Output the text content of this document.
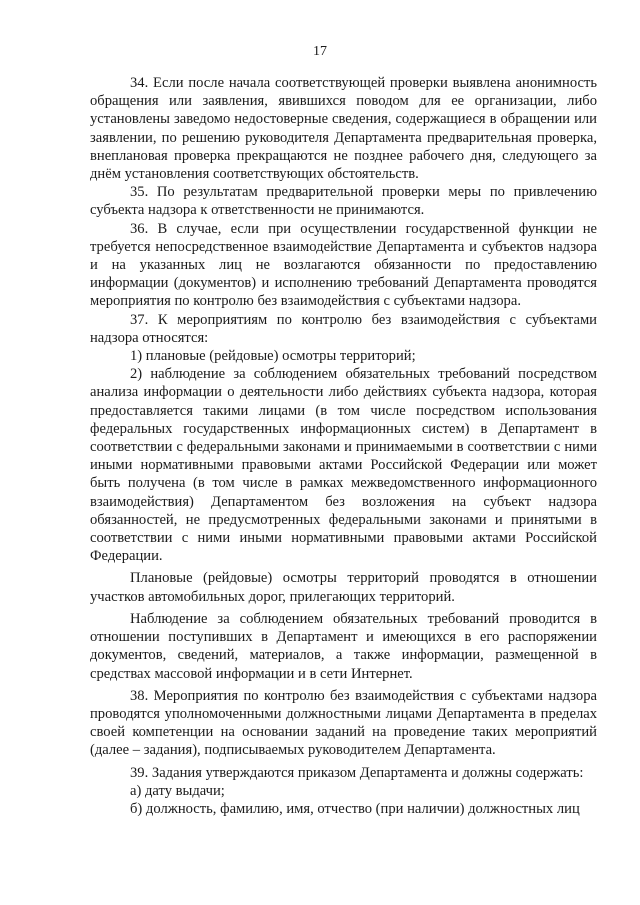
17

34. Если после начала соответствующей проверки выявлена анонимность обращения или заявления, явившихся поводом для ее организации, либо установлены заведомо недостоверные сведения, содержащиеся в обращении или заявлении, по решению руководителя Департамента предварительная проверка, внеплановая проверка прекращаются не позднее рабочего дня, следующего за днём установления соответствующих обстоятельств.

35. По результатам предварительной проверки меры по привлечению субъекта надзора к ответственности не принимаются.

36. В случае, если при осуществлении государственной функции не требуется непосредственное взаимодействие Департамента и субъектов надзора и на указанных лиц не возлагаются обязанности по предоставлению информации (документов) и исполнению требований Департамента проводятся мероприятия по контролю без взаимодействия с субъектами надзора.

37. К мероприятиям по контролю без взаимодействия с субъектами надзора относятся:

1) плановые (рейдовые) осмотры территорий;

2) наблюдение за соблюдением обязательных требований посредством анализа информации о деятельности либо действиях субъекта надзора, которая предоставляется такими лицами (в том числе посредством использования федеральных государственных информационных систем) в Департамент в соответствии с федеральными законами и принимаемыми в соответствии с ними иными нормативными правовыми актами Российской Федерации или может быть получена (в том числе в рамках межведомственного информационного взаимодействия) Департаментом без возложения на субъект надзора обязанностей, не предусмотренных федеральными законами и принятыми в соответствии с ними иными нормативными правовыми актами Российской Федерации.

Плановые (рейдовые) осмотры территорий проводятся в отношении участков автомобильных дорог, прилегающих территорий.

Наблюдение за соблюдением обязательных требований проводится в отношении поступивших в Департамент и имеющихся в его распоряжении документов, сведений, материалов, а также информации, размещенной в средствах массовой информации и в сети Интернет.

38. Мероприятия по контролю без взаимодействия с субъектами надзора проводятся уполномоченными должностными лицами Департамента в пределах своей компетенции на основании заданий на проведение таких мероприятий (далее – задания), подписываемых руководителем Департамента.

39. Задания утверждаются приказом Департамента и должны содержать:

а) дату выдачи;

б) должность, фамилию, имя, отчество (при наличии) должностных лиц
